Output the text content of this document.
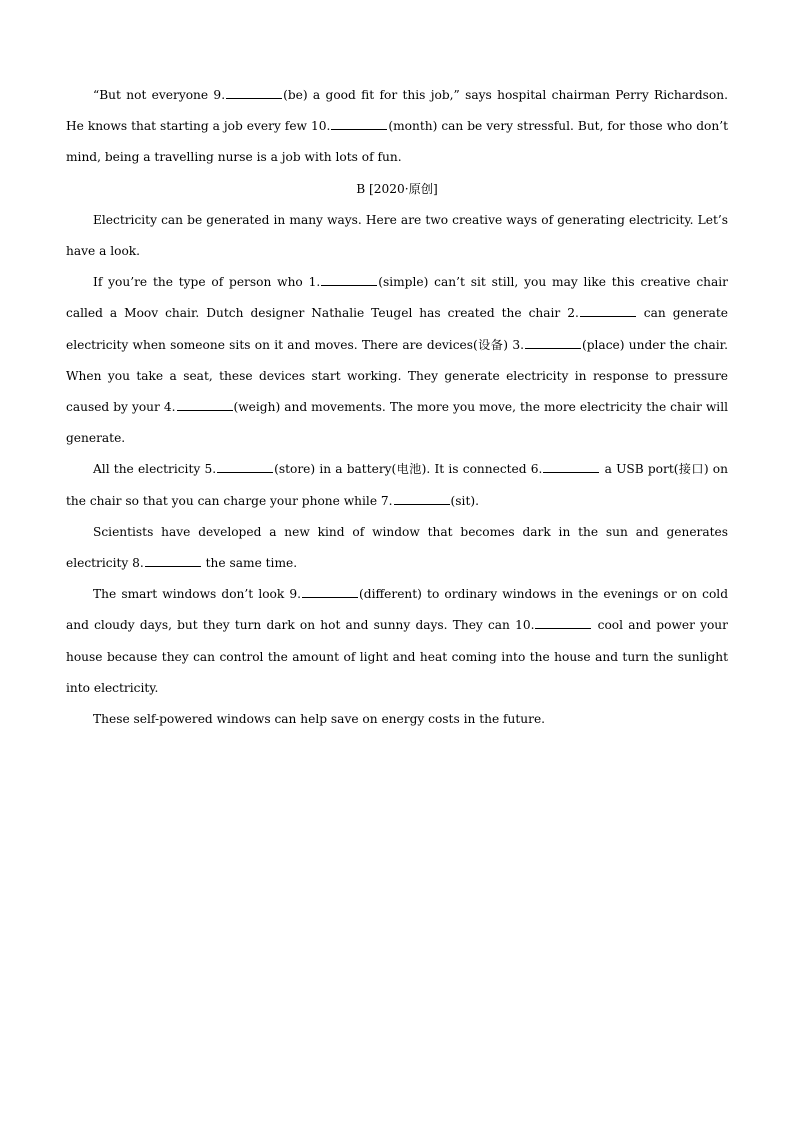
“But not everyone 9.	(be) a good fit for this job,” says hospital chairman Perry Richardson. He knows that starting a job every few 10.	(month) can be very stressful. But, for those who don’t mind, being a travelling nurse is a job with lots of fun.

B [2020·原创]

Electricity can be generated in many ways. Here are two creative ways of generating electricity. Let’s have a look.

If you’re the type of person who 1.	(simple) can’t sit still, you may like this creative chair called a Moov chair. Dutch designer Nathalie Teugel has created the chair 2.	can generate electricity when someone sits on it and moves. There are devices(设备) 3.	(place) under the chair. When you take a seat, these devices start working. They generate electricity in response to pressure caused by your 4.	(weigh) and movements. The more you move, the more electricity the chair will generate.

All the electricity 5.	(store) in a battery(电池). It is connected 6.	a USB port(接口) on the chair so that you can charge your phone while 7.	(sit).

Scientists have developed a new kind of window that becomes dark in the sun and generates electricity 8.	the same time.

The smart windows don’t look 9.	(different) to ordinary windows in the evenings or on cold and cloudy days, but they turn dark on hot and sunny days. They can 10.	cool and power your house because they can control the amount of light and heat coming into the house and turn the sunlight into electricity.

These self-powered windows can help save on energy costs in the future.
